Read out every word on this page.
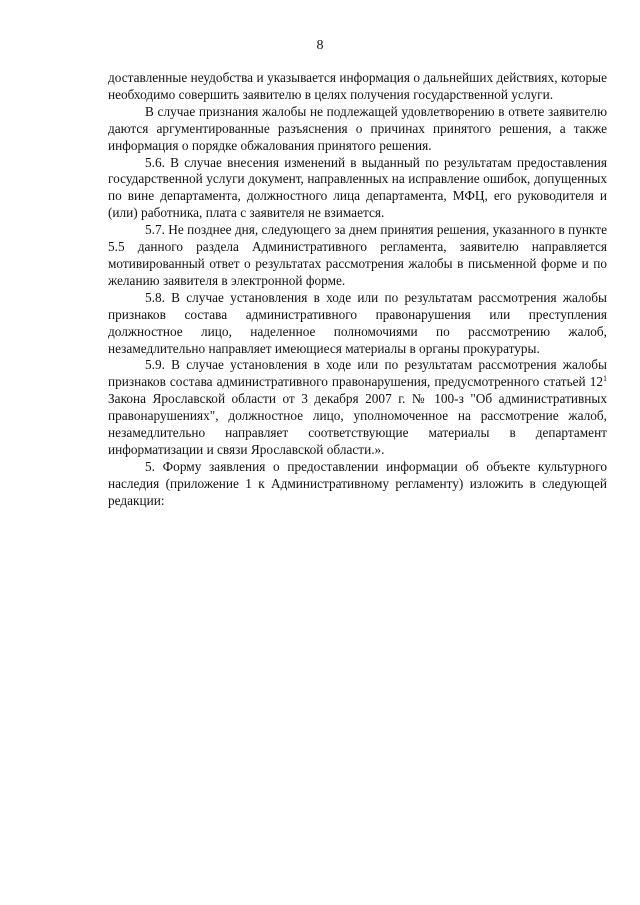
8

доставленные неудобства и указывается информация о дальнейших действиях, которые необходимо совершить заявителю в целях получения государственной услуги.

В случае признания жалобы не подлежащей удовлетворению в ответе заявителю даются аргументированные разъяснения о причинах принятого решения, а также информация о порядке обжалования принятого решения.

5.6. В случае внесения изменений в выданный по результатам предоставления государственной услуги документ, направленных на исправление ошибок, допущенных по вине департамента, должностного лица департамента, МФЦ, его руководителя и (или) работника, плата с заявителя не взимается.

5.7. Не позднее дня, следующего за днем принятия решения, указанного в пункте 5.5 данного раздела Административного регламента, заявителю направляется мотивированный ответ о результатах рассмотрения жалобы в письменной форме и по желанию заявителя в электронной форме.

5.8. В случае установления в ходе или по результатам рассмотрения жалобы признаков состава административного правонарушения или преступления должностное лицо, наделенное полномочиями по рассмотрению жалоб, незамедлительно направляет имеющиеся материалы в органы прокуратуры.

5.9. В случае установления в ходе или по результатам рассмотрения жалобы признаков состава административного правонарушения, предусмотренного статьей $12^1$ Закона Ярославской области от 3 декабря 2007 г. № 100-з "Об административных правонарушениях", должностное лицо, уполномоченное на рассмотрение жалоб, незамедлительно направляет соответствующие материалы в департамент информатизации и связи Ярославской области.».

5. Форму заявления о предоставлении информации об объекте культурного наследия (приложение 1 к Административному регламенту) изложить в следующей редакции:
